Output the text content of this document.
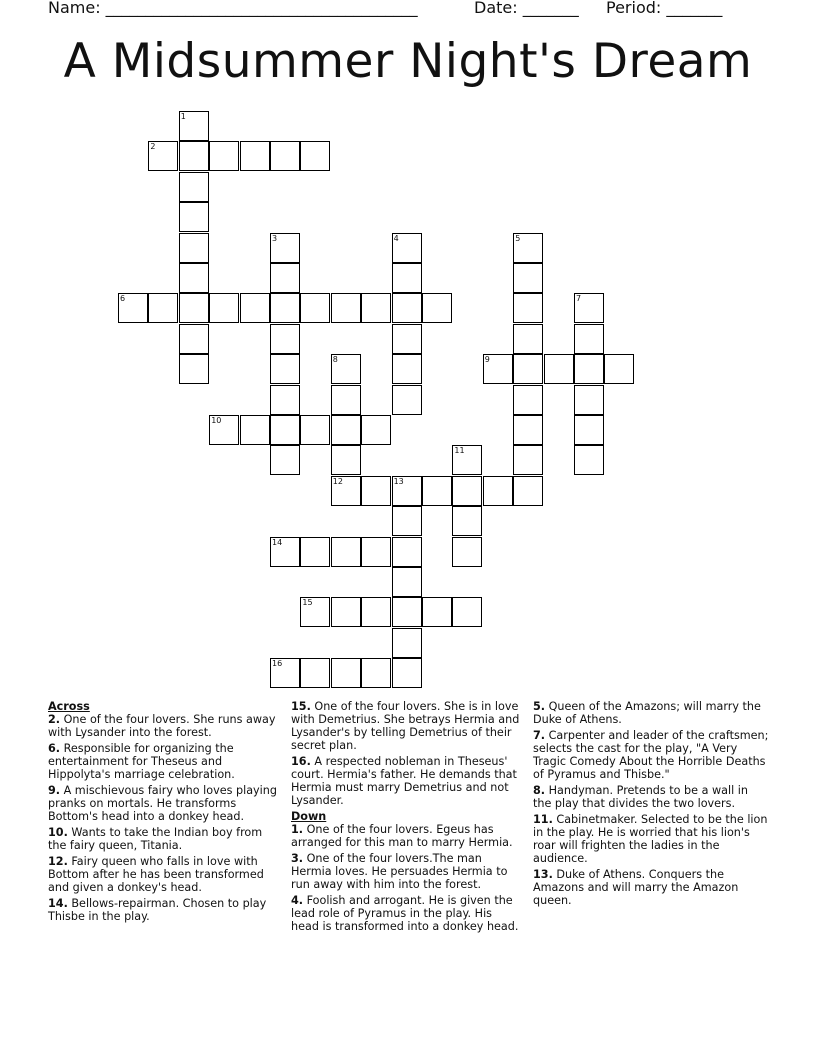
Name: _______________________________________	Date: _______ Period: _______
A Midsummer Night's Dream
1
2
3	4	5
6	7
8
12
9
10
11
13
14
15
16

Across

2. One of the four lovers. She runs away with Lysander into the forest.

6. Responsible for organizing the entertainment for Theseus and Hippolyta's marriage celebration.

9. A mischievous fairy who loves playing pranks on mortals. He transforms Bottom's head into a donkey head.

10. Wants to take the Indian boy from the fairy queen, Titania.

12. Fairy queen who falls in love with Bottom after he has been transformed and given a donkey's head.

14. Bellows-repairman. Chosen to play Thisbe in the play.

15. One of the four lovers. She is in love with Demetrius. She betrays Hermia and Lysander's by telling Demetrius of their secret plan.

16. A respected nobleman in Theseus' court. Hermia's father. He demands that Hermia must marry Demetrius and not Lysander.

Down

1. One of the four lovers. Egeus has arranged for this man to marry Hermia.

3. One of the four lovers.The man Hermia loves. He persuades Hermia to run away with him into the forest.

4. Foolish and arrogant. He is given the lead role of Pyramus in the play. His head is transformed into a donkey head.

5. Queen of the Amazons; will marry the Duke of Athens.

7. Carpenter and leader of the craftsmen; selects the cast for the play, "A Very Tragic Comedy About the Horrible Deaths of Pyramus and Thisbe."

8. Handyman. Pretends to be a wall in the play that divides the two lovers.

11. Cabinetmaker. Selected to be the lion in the play. He is worried that his lion's roar will frighten the ladies in the audience.

13. Duke of Athens. Conquers the Amazons and will marry the Amazon queen.
